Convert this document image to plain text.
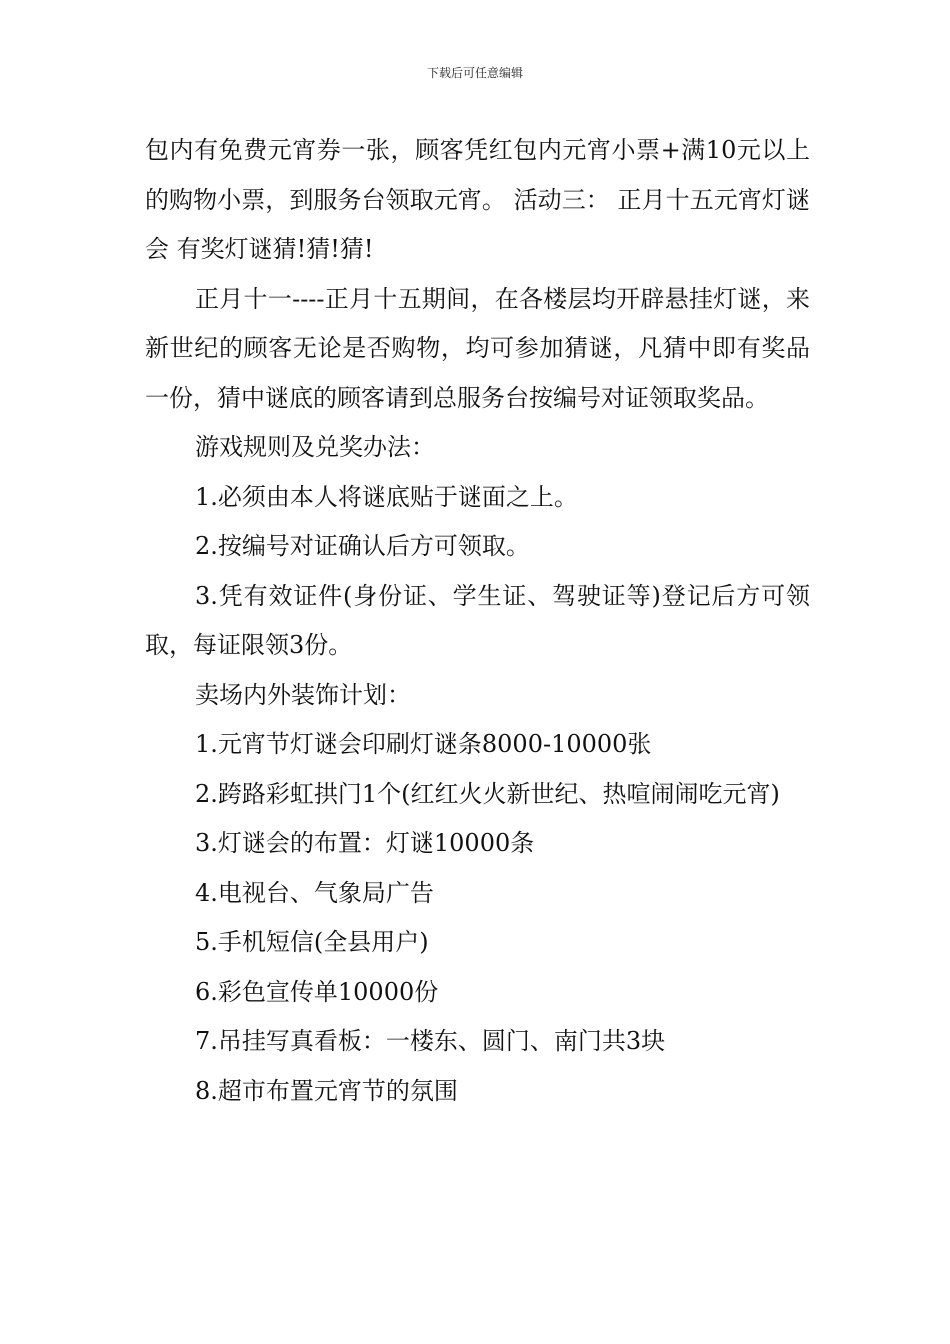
下载后可任意编辑

包内有免费元宵券一张，顾客凭红包内元宵小票+满10元以上的购物小票，到服务台领取元宵。 活动三： 正月十五元宵灯谜会 有奖灯谜猜!猜!猜!

正月十一----正月十五期间，在各楼层均开辟悬挂灯谜，来新世纪的顾客无论是否购物，均可参加猜谜，凡猜中即有奖品一份，猜中谜底的顾客请到总服务台按编号对证领取奖品。

游戏规则及兑奖办法：

1.必须由本人将谜底贴于谜面之上。

2.按编号对证确认后方可领取。

3.凭有效证件(身份证、学生证、驾驶证等)登记后方可领取，每证限领3份。

卖场内外装饰计划：

1.元宵节灯谜会印刷灯谜条8000-10000张

2.跨路彩虹拱门1个(红红火火新世纪、热喧闹闹吃元宵)

3.灯谜会的布置：灯谜10000条

4.电视台、气象局广告

5.手机短信(全县用户)

6.彩色宣传单10000份

7.吊挂写真看板：一楼东、圆门、南门共3块

8.超市布置元宵节的氛围
